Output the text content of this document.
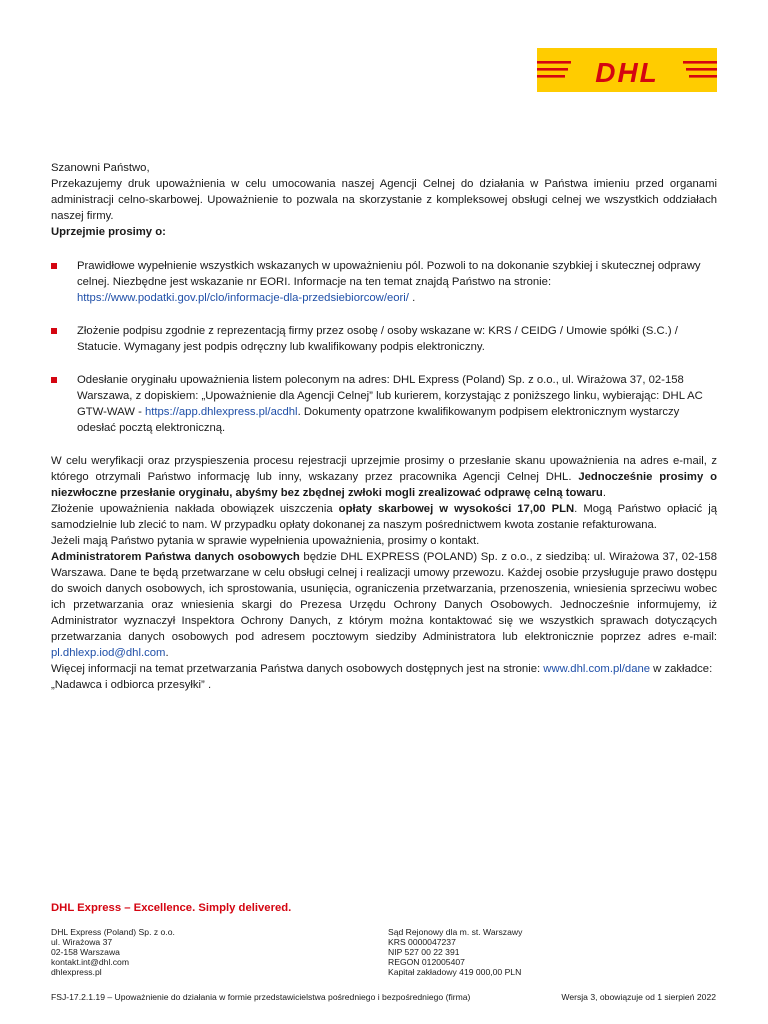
DHL

Szanowni Państwo,

Przekazujemy druk upoważnienia w celu umocowania naszej Agencji Celnej do działania w Państwa imieniu przed organami administracji celno-skarbowej. Upoważnienie to pozwala na skorzystanie z kompleksowej obsługi celnej we wszystkich oddziałach naszej firmy.

Uprzejmie prosimy o:

Prawidłowe wypełnienie wszystkich wskazanych w upoważnieniu pól. Pozwoli to na dokonanie szybkiej i skutecznej odprawy celnej. Niezbędne jest wskazanie nr EORI. Informacje na ten temat znajdą Państwo na stronie: https://www.podatki.gov.pl/clo/informacje-dla-przedsiebiorcow/eori/ .
Złożenie podpisu zgodnie z reprezentacją firmy przez osobę / osoby wskazane w: KRS / CEIDG / Umowie spółki (S.C.) / Statucie. Wymagany jest podpis odręczny lub kwalifikowany podpis elektroniczny.
Odesłanie oryginału upoważnienia listem poleconym na adres: DHL Express (Poland) Sp. z o.o., ul. Wirażowa 37, 02-158 Warszawa, z dopiskiem: „Upoważnienie dla Agencji Celnej” lub kurierem, korzystając z poniższego linku, wybierając: DHL AC GTW-WAW - https://app.dhlexpress.pl/acdhl. Dokumenty opatrzone kwalifikowanym podpisem elektronicznym wystarczy odesłać pocztą elektroniczną.

W celu weryfikacji oraz przyspieszenia procesu rejestracji uprzejmie prosimy o przesłanie skanu upoważnienia na adres e-mail, z którego otrzymali Państwo informację lub inny, wskazany przez pracownika Agencji Celnej DHL. Jednocześnie prosimy o niezwłoczne przesłanie oryginału, abyśmy bez zbędnej zwłoki mogli zrealizować odprawę celną towaru.

Złożenie upoważnienia nakłada obowiązek uiszczenia opłaty skarbowej w wysokości 17,00 PLN. Mogą Państwo opłacić ją samodzielnie lub zlecić to nam. W przypadku opłaty dokonanej za naszym pośrednictwem kwota zostanie refakturowana.

Jeżeli mają Państwo pytania w sprawie wypełnienia upoważnienia, prosimy o kontakt.

Administratorem Państwa danych osobowych będzie DHL EXPRESS (POLAND) Sp. z o.o., z siedzibą: ul. Wirażowa 37, 02-158 Warszawa. Dane te będą przetwarzane w celu obsługi celnej i realizacji umowy przewozu. Każdej osobie przysługuje prawo dostępu do swoich danych osobowych, ich sprostowania, usunięcia, ograniczenia przetwarzania, przenoszenia, wniesienia sprzeciwu wobec ich przetwarzania oraz wniesienia skargi do Prezesa Urzędu Ochrony Danych Osobowych. Jednocześnie informujemy, iż Administrator wyznaczył Inspektora Ochrony Danych, z którym można kontaktować się we wszystkich sprawach dotyczących przetwarzania danych osobowych pod adresem pocztowym siedziby Administratora lub elektronicznie poprzez adres e-mail: pl.dhlexp.iod@dhl.com.

Więcej informacji na temat przetwarzania Państwa danych osobowych dostępnych jest na stronie: www.dhl.com.pl/dane w zakładce: „Nadawca i odbiorca przesyłki” .

DHL Express – Excellence. Simply delivered.
DHL Express (Poland) Sp. z o.o.
ul. Wirażowa 37
02-158 Warszawa
kontakt.int@dhl.com
dhlexpress.pl
Sąd Rejonowy dla m. st. Warszawy
KRS 0000047237
NIP 527 00 22 391
REGON 012005407
Kapitał zakładowy 419 000,00 PLN
FSJ-17.2.1.19 – Upoważnienie do działania w formie przedstawicielstwa pośredniego i bezpośredniego (firma)	Wersja 3, obowiązuje od 1 sierpień 2022
